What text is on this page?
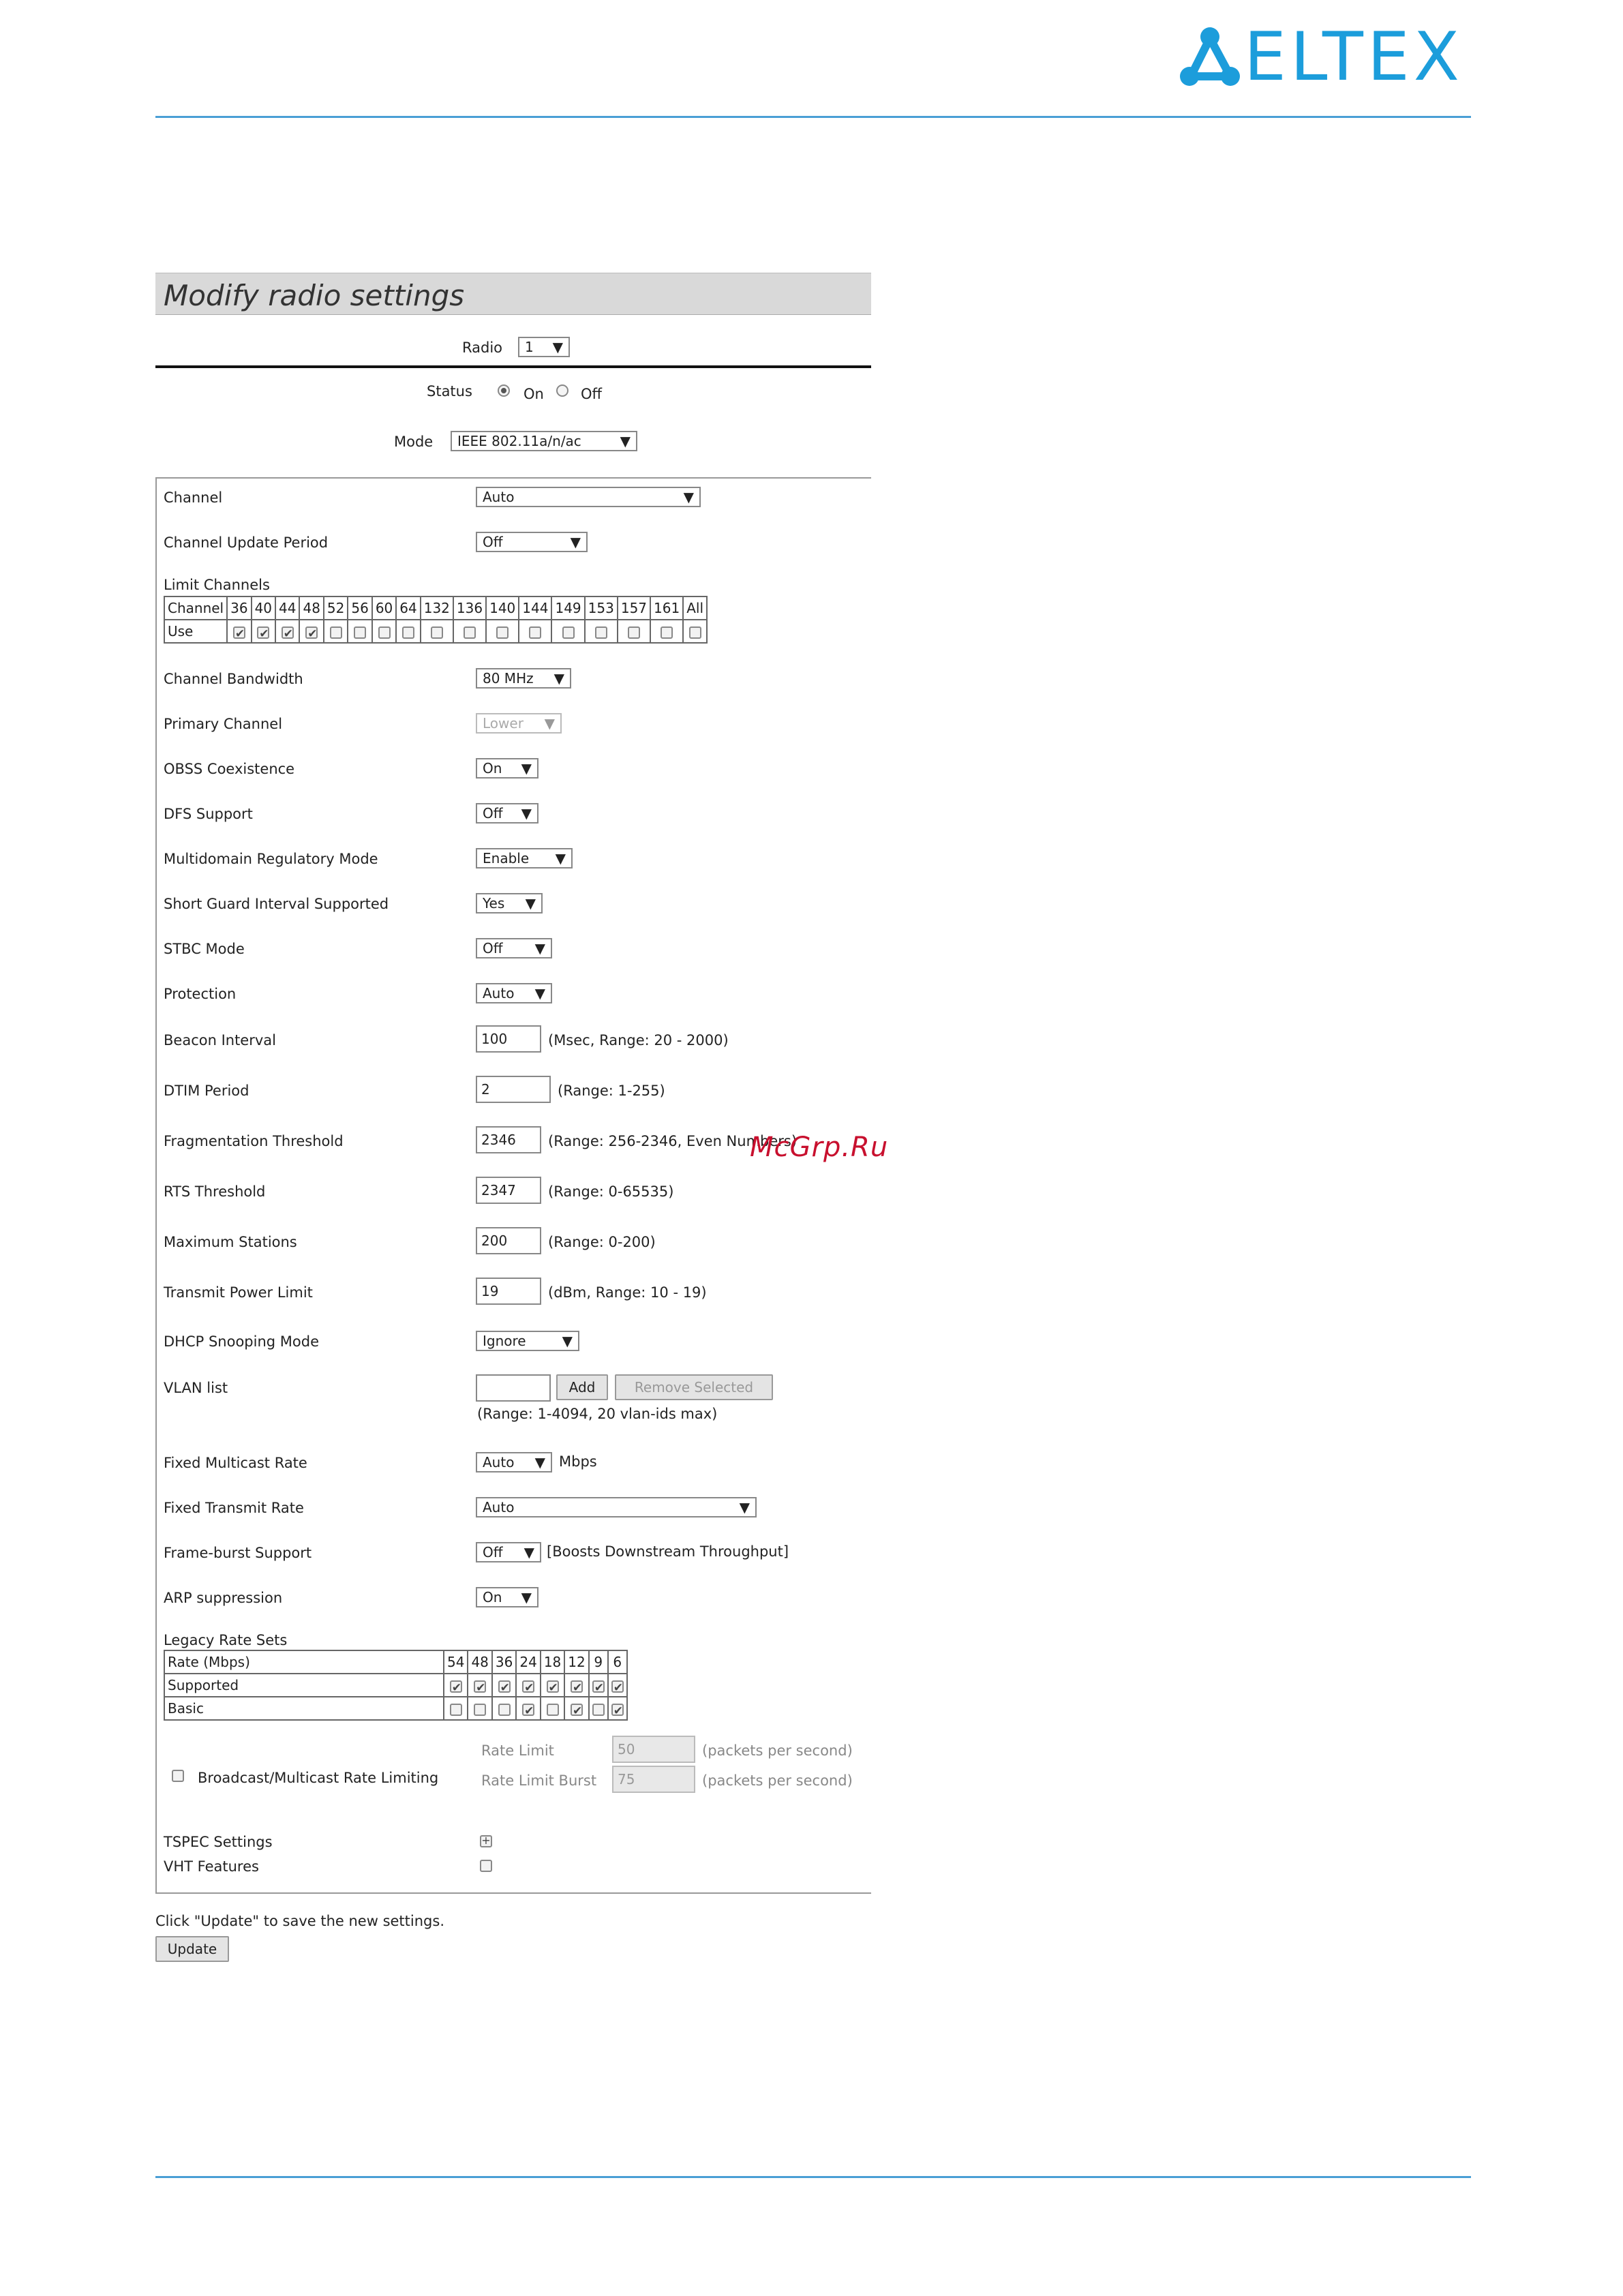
ELTEX
Modify radio settings
Radio	1 ▼
Status	On	Off
Mode	IEEE 802.11a/n/ac	▼
Channel	Auto	▼
Channel Update Period	Off	▼
Limit Channels
Channel	36	40	44	48	52	56	60	64	132	136	140	144	149	153	157	161	All
Use	✔	✔	✔	✔													
Channel Bandwidth	80 MHz ▼
Primary Channel	Lower ▼
OBSS Coexistence	On ▼
DFS Support	Off ▼
Multidomain Regulatory Mode	Enable ▼
Short Guard Interval Supported	Yes ▼
STBC Mode	Off ▼
Protection	Auto ▼
Beacon Interval	100	(Msec, Range: 20 - 2000)
DTIM Period	2	(Range: 1-255)
Fragmentation Threshold	2346	(Range: 256-2346, Even Numbers)
RTS Threshold	2347	(Range: 0-65535)
Maximum Stations	200	(Range: 0-200)
Transmit Power Limit	19	(dBm, Range: 10 - 19)
DHCP Snooping Mode	Ignore	▼
VLAN list	Add	Remove Selected
(Range: 1-4094, 20 vlan-ids max)
Fixed Multicast Rate	Auto ▼ Mbps
Fixed Transmit Rate	Auto	▼
Frame-burst Support	Off ▼ [Boosts Downstream Throughput]
ARP suppression	On ▼
Legacy Rate Sets
Rate (Mbps)	54	48	36	24	18	12	9	6
Supported	✔	✔	✔	✔	✔	✔	✔	✔
Basic				✔		✔		✔
Broadcast/Multicast Rate Limiting
Rate Limit	50	(packets per second)
Rate Limit Burst	75	(packets per second)
TSPEC Settings	+
VHT Features
Click "Update" to save the new settings.
Update
McGrp.Ru
